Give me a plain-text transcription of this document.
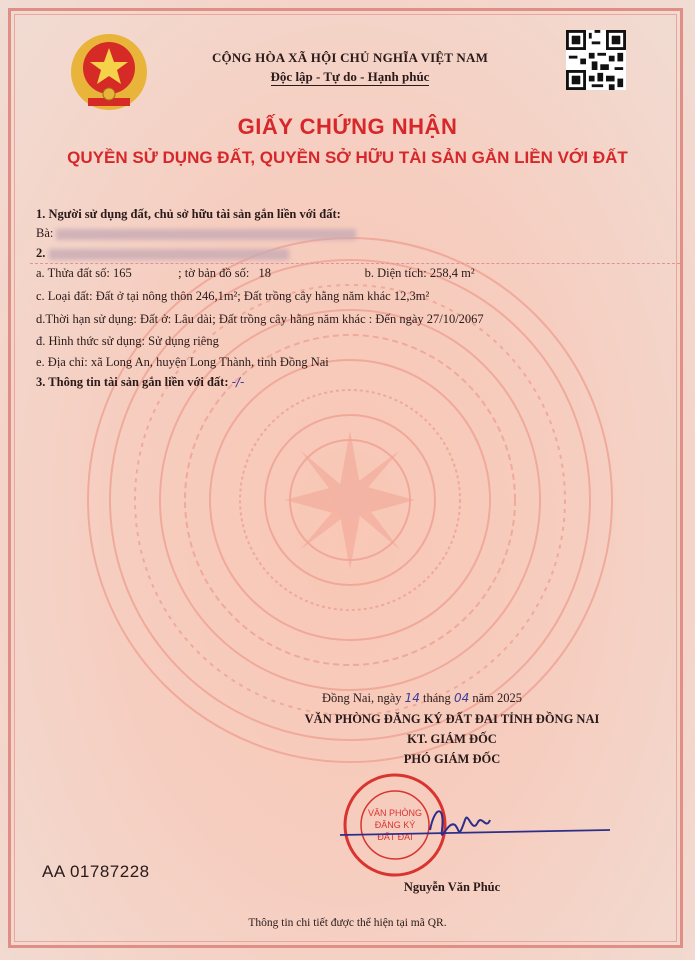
CỘNG HÒA XÃ HỘI CHỦ NGHĨA VIỆT NAM
Độc lập - Tự do - Hạnh phúc
GIẤY CHỨNG NHẬN
QUYỀN SỬ DỤNG ĐẤT, QUYỀN SỞ HỮU TÀI SẢN GẮN LIỀN VỚI ĐẤT
1. Người sử dụng đất, chủ sở hữu tài sản gắn liền với đất:
Bà:
2.
a. Thửa đất số: 165	; tờ bản đồ số: 18	b. Diện tích: 258,4 m²
c. Loại đất: Đất ở tại nông thôn 246,1m²; Đất trồng cây hằng năm khác 12,3m²
d.Thời hạn sử dụng: Đất ở: Lâu dài; Đất trồng cây hằng năm khác : Đến ngày 27/10/2067
đ. Hình thức sử dụng: Sử dụng riêng
e. Địa chỉ: xã Long An, huyện Long Thành, tỉnh Đồng Nai
3. Thông tin tài sản gắn liền với đất: -/-
Đồng Nai, ngày 14 tháng 04 năm 2025
VĂN PHÒNG ĐĂNG KÝ ĐẤT ĐAI TỈNH ĐỒNG NAI
KT. GIÁM ĐỐC
PHÓ GIÁM ĐỐC
VĂN PHÒNG
ĐĂNG KÝ
ĐẤT ĐAI
AA 01787228
Nguyễn Văn Phúc
Thông tin chi tiết được thể hiện tại mã QR.
